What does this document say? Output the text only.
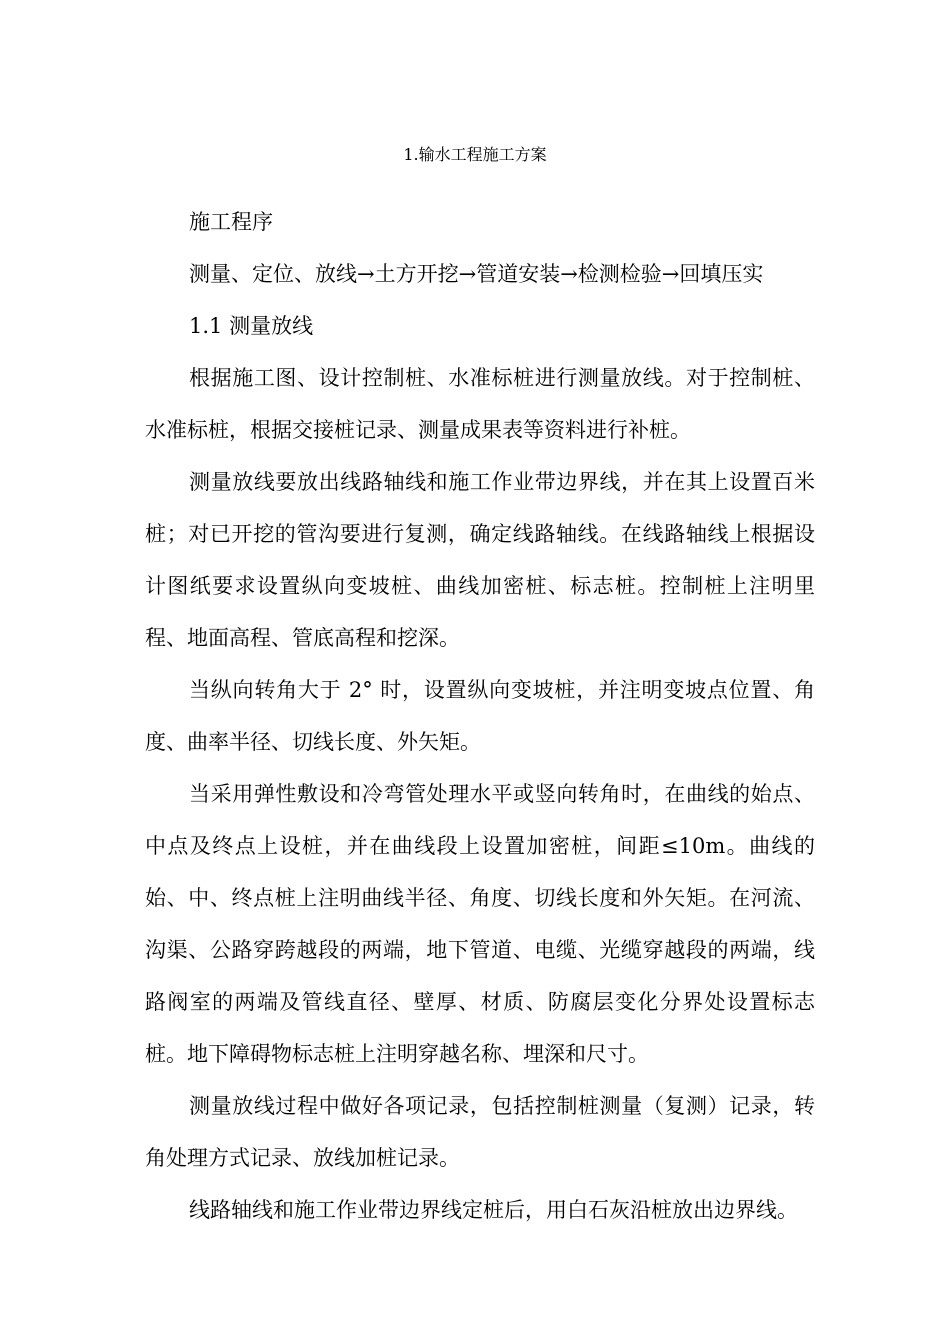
1.输水工程施工方案

施工程序

测量、定位、放线→土方开挖→管道安装→检测检验→回填压实

1.1 测量放线

根据施工图、设计控制桩、水准标桩进行测量放线。对于控制桩、水准标桩，根据交接桩记录、测量成果表等资料进行补桩。

测量放线要放出线路轴线和施工作业带边界线，并在其上设置百米桩；对已开挖的管沟要进行复测，确定线路轴线。在线路轴线上根据设计图纸要求设置纵向变坡桩、曲线加密桩、标志桩。控制桩上注明里程、地面高程、管底高程和挖深。

当纵向转角大于 2° 时，设置纵向变坡桩，并注明变坡点位置、角度、曲率半径、切线长度、外矢矩。

当采用弹性敷设和冷弯管处理水平或竖向转角时，在曲线的始点、中点及终点上设桩，并在曲线段上设置加密桩，间距≤10m。曲线的始、中、终点桩上注明曲线半径、角度、切线长度和外矢矩。在河流、沟渠、公路穿跨越段的两端，地下管道、电缆、光缆穿越段的两端，线路阀室的两端及管线直径、壁厚、材质、防腐层变化分界处设置标志桩。地下障碍物标志桩上注明穿越名称、埋深和尺寸。

测量放线过程中做好各项记录，包括控制桩测量（复测）记录，转角处理方式记录、放线加桩记录。

线路轴线和施工作业带边界线定桩后，用白石灰沿桩放出边界线。
